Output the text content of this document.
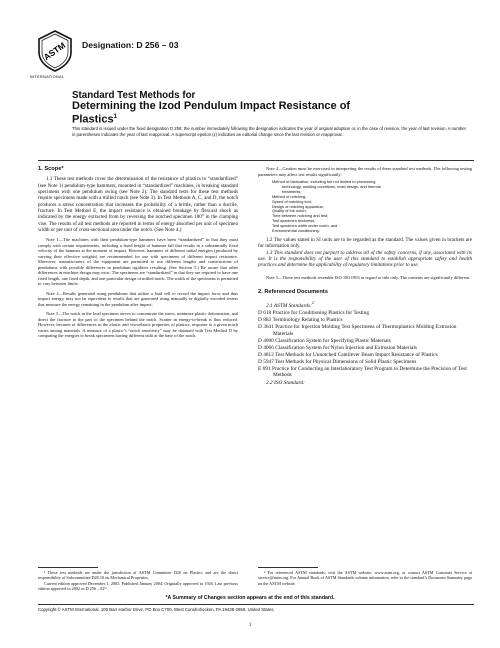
ASTM
INTERNATIONAL
Designation: D 256 – 03
Standard Test Methods for
Determining the Izod Pendulum Impact Resistance of
Plastics$^1$
This standard is issued under the fixed designation D 256; the number immediately following the designation indicates the year of original adoption or, in the case of revision, the year of last revision. A number in parentheses indicates the year of last reapproval. A superscript epsilon (ε) indicates an editorial change since the last revision or reapproval.

1. Scope*

1.1 These test methods cover the determination of the resistance of plastics to “standardized” (see Note 1) pendulum-type hammers, mounted in “standardized” machines, in breaking standard specimens with one pendulum swing (see Note 2). The standard tests for these test methods require specimens made with a milled notch (see Note 3). In Test Methods A, C, and D, the notch produces a stress concentration that increases the probability of a brittle, rather than a ductile, fracture. In Test Method E, the impact resistance is obtained breakage by flexural shock as indicated by the energy extracted from by reversing the notched specimen 180° in the clamping vise. The results of all test methods are reported in terms of energy absorbed per unit of specimen width or per unit of cross-sectional area under the notch. (See Note 4.)

Note 1—The machines with their pendulum-type hammers have been “standardized” in that they must comply with certain requirements, including a fixed height of hammer fall that results in a substantially fixed velocity of the hammer at the moment of impact. However, hammers of different initial energies (produced by varying their effective weights) are recommended for use with specimens of different impact resistance. Moreover, manufacturers of the equipment are permitted to use different lengths and constructions of pendulums with possible differences in pendulum rigidities resulting. (See Section 5.) Be aware that other differences in machine design may exist. The specimens are “standardized” in that they are required to have one fixed length, one fixed depth, and one particular design of milled notch. The width of the specimens is permitted to vary between limits.

Note 2—Results generated using pendulums that utilize a load cell to record the impact force and thus impact energy, may not be equivalent to results that are generated using manually or digitally encoded testers that measure the energy remaining in the pendulum after impact.

Note 3—The notch in the Izod specimen serves to concentrate the stress, minimize plastic deformation, and direct the fracture to the part of the specimen behind the notch. Scatter in energy-to-break is thus reduced. However, because of differences in the elastic and viscoelastic properties of plastics, response to a given notch varies among materials. A measure of a plastic’s “notch sensitivity” may be obtained with Test Method D by comparing the energies to break specimens having different radii at the base of the notch.

¹ These test methods are under the jurisdiction of ASTM Committee D20 on Plastics and are the direct responsibility of Subcommittee D20.10 on Mechanical Properties.
Current edition approved December 1, 2003. Published January 2004. Originally approved in 1926. Last previous edition approved in 2002 as D 256 – 02ᵉ¹.

Note 4—Caution must be exercised in interpreting the results of these standard test methods. The following testing parameters may affect test results significantly:

Method of fabrication, including but not limited to processing
technology, molding conditions, mold design, and thermal
treatments;
Method of notching;
Speed of notching tool;
Design of notching apparatus;
Quality of the notch;
Time between notching and test;
Test specimen thickness,
Test specimen width under notch, and
Environmental conditioning.

1.2 The values stated in SI units are to be regarded as the standard. The values given in brackets are for information only.

1.3 This standard does not purport to address all of the safety concerns, if any, associated with its use. It is the responsibility of the user of this standard to establish appropriate safety and health practices and determine the applicability of regulatory limitations prior to use.

Note 5—These test methods resemble ISO 180:1993 in regard to title only. The contents are significantly different.

2. Referenced Documents

2.1 ASTM Standards:$^2$

D 618 Practice for Conditioning Plastics for Testing

D 883 Terminology Relating to Plastics

D 3641 Practice for Injection Molding Test Specimens of Thermoplastics Molding Extrusion Materials

D 4000 Classification System for Specifying Plastic Materials

D 4066 Classification System for Nylon Injection and Extrusion Materials

D 4812 Test Methods for Unnotched Cantilever Beam Impact Resistance of Plastics

D 5947 Test Methods for Physical Dimensions of Solid Plastic Specimens

E 691 Practice for Conducting an Interlaboratory Test Program to Determine the Precision of Test Methods

2.2 ISO Standard:

² For referenced ASTM standards, visit the ASTM website, www.astm.org, or contact ASTM Customer Service at service@astm.org. For Annual Book of ASTM Standards volume information, refer to the standard’s Document Summary page on the ASTM website.
*A Summary of Changes section appears at the end of this standard.
Copyright © ASTM International, 100 Barr Harbor Drive, PO Box C700, West Conshohocken, PA 19428-2959, United States.
1
